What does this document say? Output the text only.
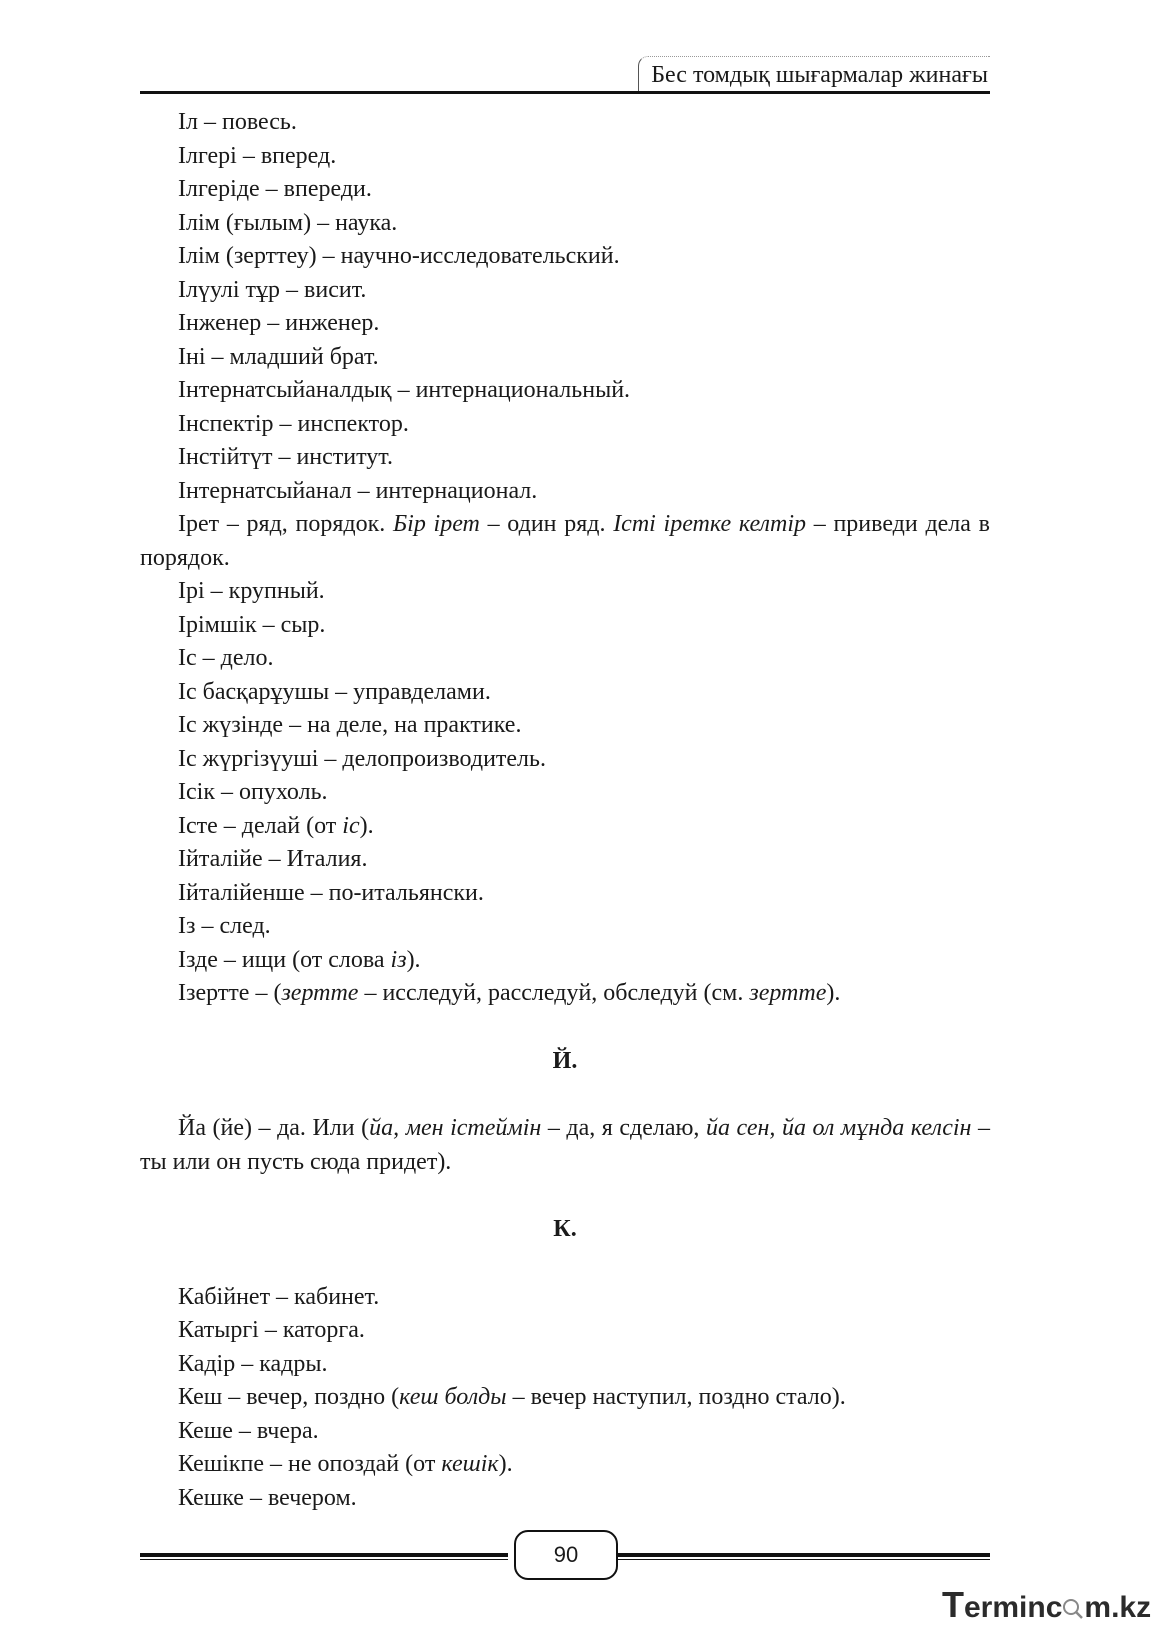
Бес томдық шығармалар жинағы

Іл – повесь.

Ілгері – вперед.

Ілгеріде – впереди.

Ілім (ғылым) – наука.

Ілім (зерттеу) – научно-исследовательский.

Ілүулі тұр – висит.

Інженер – инженер.

Іні – младший брат.

Інтернатсыйаналдық – интернациональный.

Інспектір – инспектор.

Інстійтүт – институт.

Інтернатсыйанал – интернационал.

Ірет – ряд, порядок. Бір ірет – один ряд. Істі іретке келтір – приведи дела в порядок.

Ірі – крупный.

Ірімшік – сыр.

Іс – дело.

Іс басқарұушы – управделами.

Іс жүзінде – на деле, на практике.

Іс жүргізүуші – делопроизводитель.

Ісік – опухоль.

Істе – делай (от іс).

Ійталійе – Италия.

Ійталійенше – по-итальянски.

Із – след.

Ізде – ищи (от слова із).

Ізертте – (зертте – исследуй, расследуй, обследуй (см. зертте).

Й.

Йа (йе) – да. Или (йа, мен істеймін – да, я сделаю, йа сен, йа ол мұнда келсін – ты или он пусть сюда придет).

К.

Кабійнет – кабинет.

Катыргі – каторга.

Кадір – кадры.

Кеш – вечер, поздно (кеш болды – вечер наступил, поздно стало).

Кеше – вчера.

Кешікпе – не опоздай (от кешік).

Кешке – вечером.

90
Terminc m.kz
